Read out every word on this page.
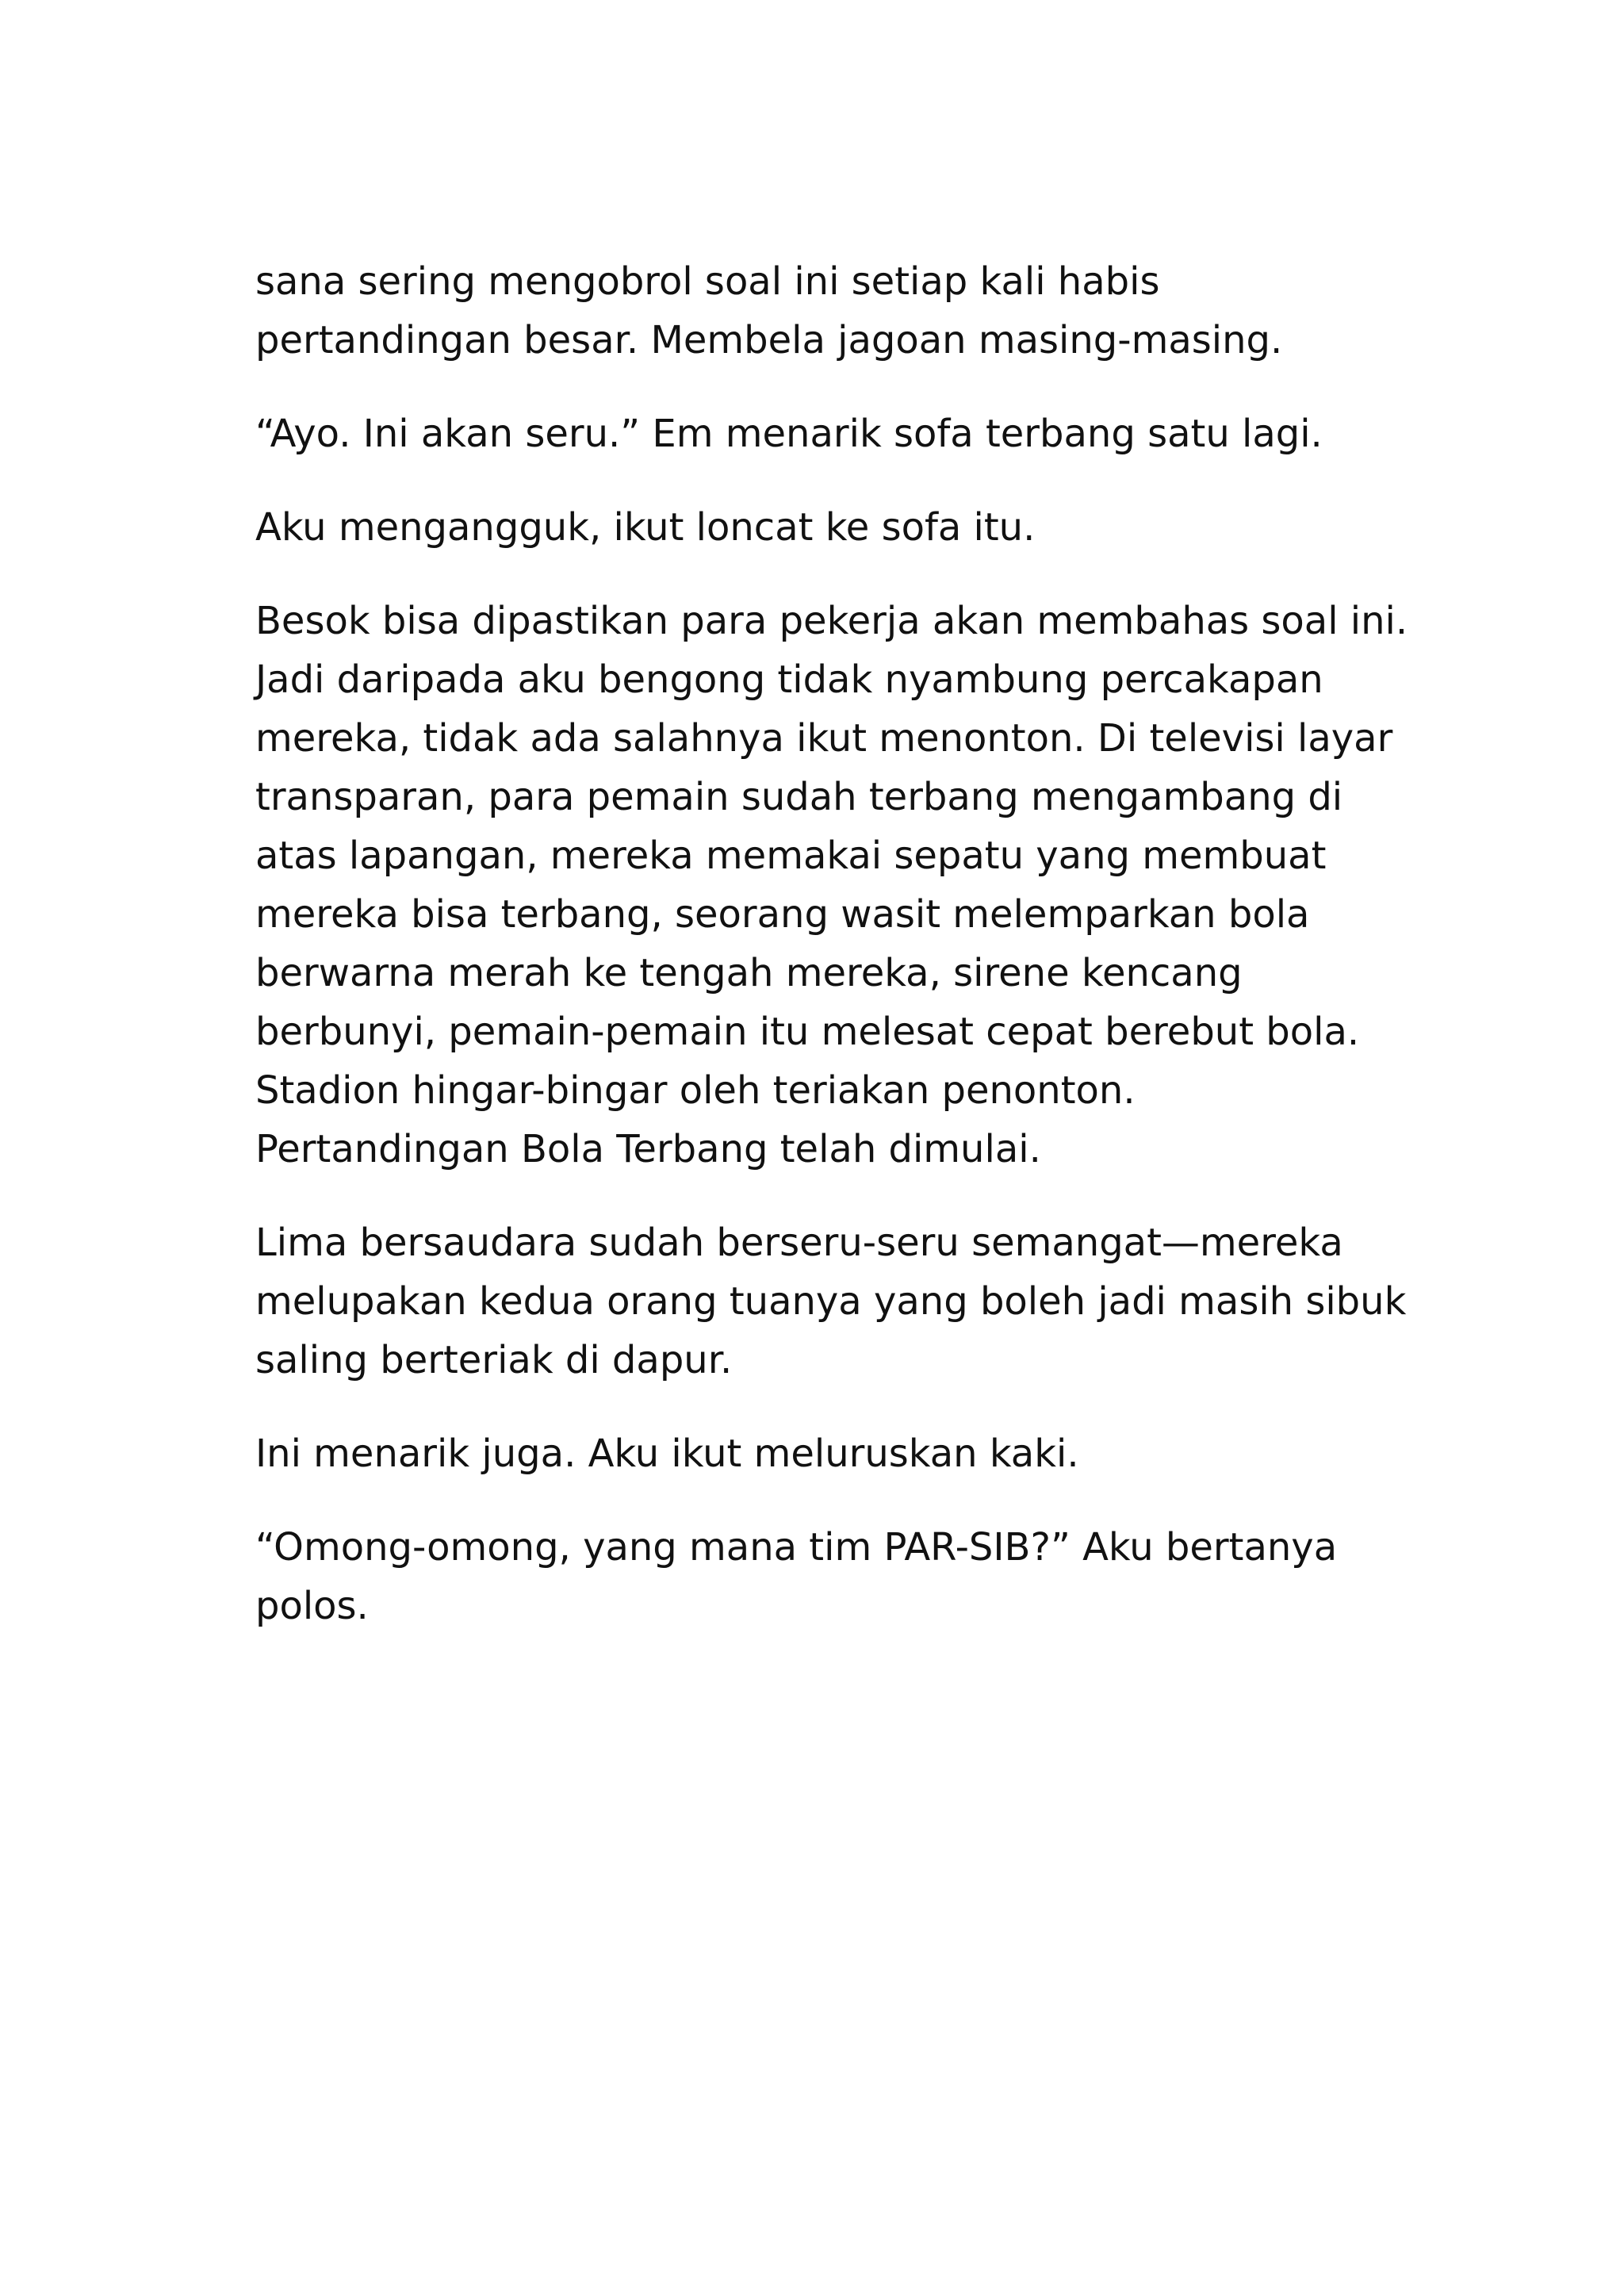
sana sering mengobrol soal ini setiap kali habis
pertandingan besar. Membela jagoan masing-masing.

“Ayo. Ini akan seru.” Em menarik sofa terbang satu lagi.

Aku mengangguk, ikut loncat ke sofa itu.

Besok bisa dipastikan para pekerja akan membahas soal ini.
Jadi daripada aku bengong tidak nyambung percakapan
mereka, tidak ada salahnya ikut menonton. Di televisi layar
transparan, para pemain sudah terbang mengambang di
atas lapangan, mereka memakai sepatu yang membuat
mereka bisa terbang, seorang wasit melemparkan bola
berwarna merah ke tengah mereka, sirene kencang
berbunyi, pemain-pemain itu melesat cepat berebut bola.
Stadion hingar-bingar oleh teriakan penonton.
Pertandingan Bola Terbang telah dimulai.

Lima bersaudara sudah berseru-seru semangat—mereka
melupakan kedua orang tuanya yang boleh jadi masih sibuk
saling berteriak di dapur.

Ini menarik juga. Aku ikut meluruskan kaki.

“Omong-omong, yang mana tim PAR-SIB?” Aku bertanya
polos.
